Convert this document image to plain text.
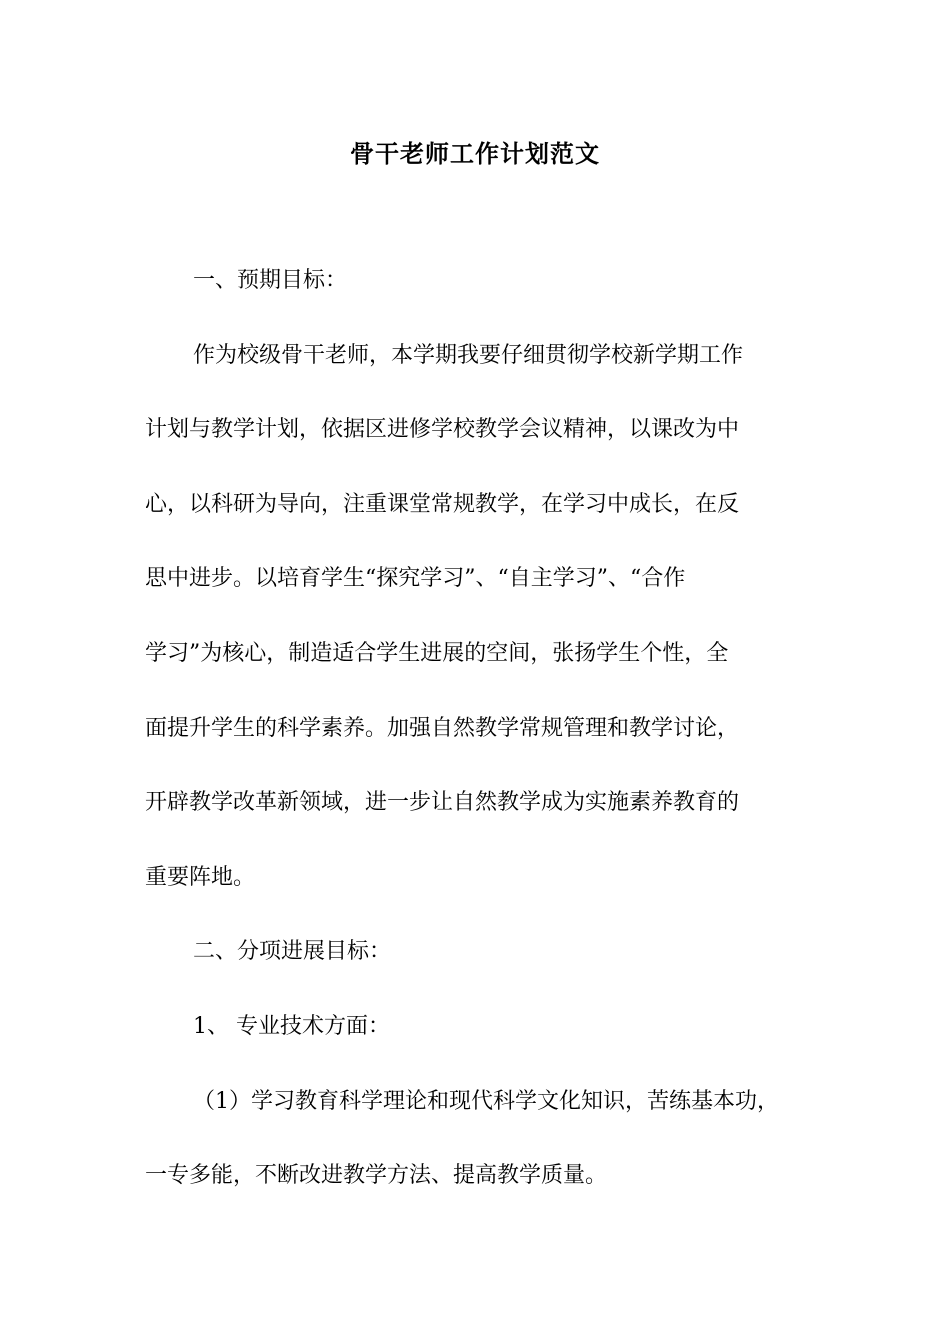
骨干老师工作计划范文

一、预期目标：

作为校级骨干老师，本学期我要仔细贯彻学校新学期工作

计划与教学计划，依据区进修学校教学会议精神，以课改为中

心，以科研为导向，注重课堂常规教学，在学习中成长，在反

思中进步。以培育学生“探究学习”、“自主学习”、“合作

学习”为核心，制造适合学生进展的空间，张扬学生个性，全

面提升学生的科学素养。加强自然教学常规管理和教学讨论，

开辟教学改革新领域，进一步让自然教学成为实施素养教育的

重要阵地。

二、分项进展目标：

1、 专业技术方面：

（1）学习教育科学理论和现代科学文化知识，苦练基本功，

一专多能，不断改进教学方法、提高教学质量。
